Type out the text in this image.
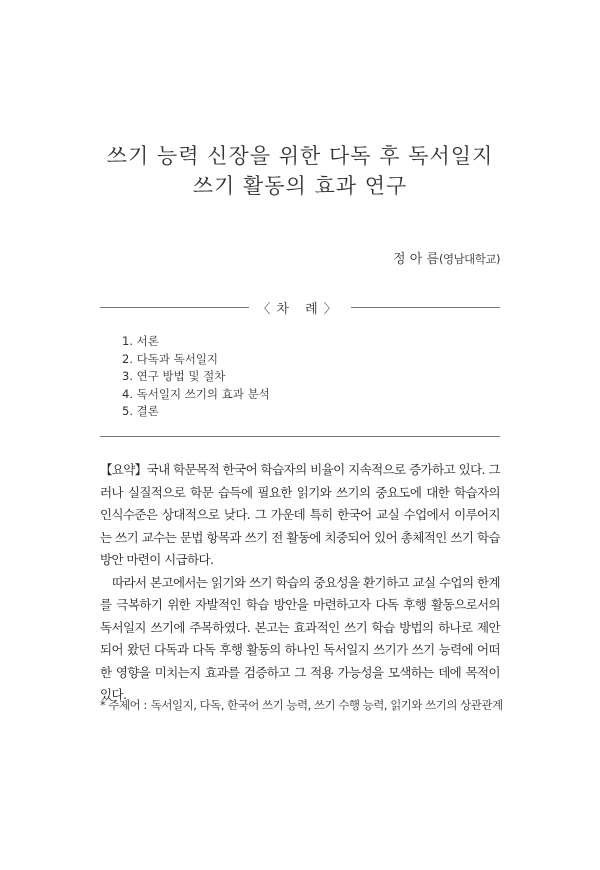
쓰기 능력 신장을 위한 다독 후 독서일지
쓰기 활동의 효과 연구
정 아 름(영남대학교)
〈차 례〉
1. 서론
2. 다독과 독서일지
3. 연구 방법 및 절차
4. 독서일지 쓰기의 효과 분석
5. 결론

【요약】국내 학문목적 한국어 학습자의 비율이 지속적으로 증가하고 있다. 그러나 실질적으로 학문 습득에 필요한 읽기와 쓰기의 중요도에 대한 학습자의 인식수준은 상대적으로 낮다. 그 가운데 특히 한국어 교실 수업에서 이루어지는 쓰기 교수는 문법 항목과 쓰기 전 활동에 치중되어 있어 총체적인 쓰기 학습 방안 마련이 시급하다.

따라서 본고에서는 읽기와 쓰기 학습의 중요성을 환기하고 교실 수업의 한계를 극복하기 위한 자발적인 학습 방안을 마련하고자 다독 후행 활동으로서의 독서일지 쓰기에 주목하였다. 본고는 효과적인 쓰기 학습 방법의 하나로 제안되어 왔던 다독과 다독 후행 활동의 하나인 독서일지 쓰기가 쓰기 능력에 어떠한 영향을 미치는지 효과를 검증하고 그 적용 가능성을 모색하는 데에 목적이 있다.

* 주제어 : 독서일지, 다독, 한국어 쓰기 능력, 쓰기 수행 능력, 읽기와 쓰기의 상관관계
